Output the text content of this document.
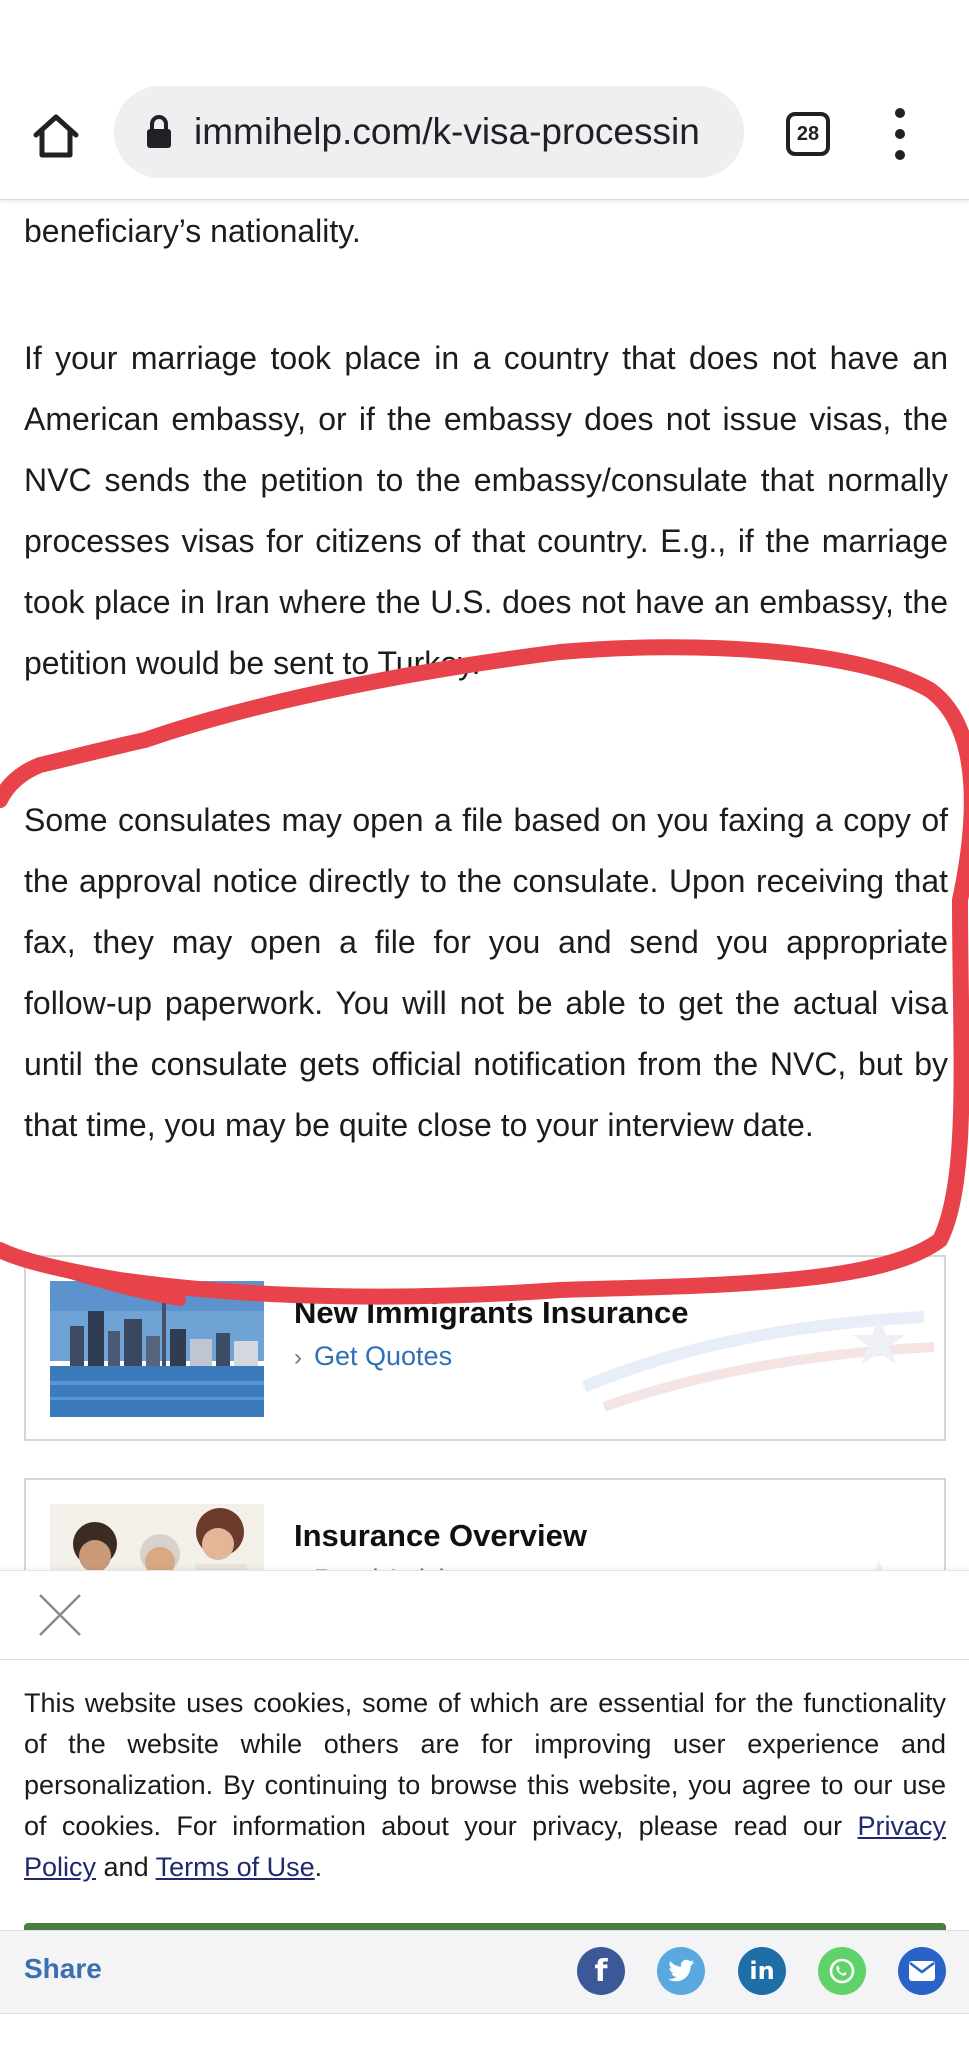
beneficiary’s nationality.
If your marriage took place in a country that does not have an American embassy, or if the embassy does not issue visas, the NVC sends the petition to the embassy/consulate that normally processes visas for citizens of that country. E.g., if the marriage took place in Iran where the U.S. does not have an embassy, the petition would be sent to Turkey.
Some consulates may open a file based on you faxing a copy of the approval notice directly to the consulate. Upon receiving that fax, they may open a file for you and send you appropriate follow-up paperwork. You will not be able to get the actual visa until the consulate gets official notification from the NVC, but by that time, you may be quite close to your interview date.
New Immigrants Insurance
› Get Quotes
Insurance Overview
This website uses cookies, some of which are essential for the functionality of the website while others are for improving user experience and personalization. By continuing to browse this website, you agree to our use of cookies. For information about your privacy, please read our Privacy Policy and Terms of Use.
Share	f	in
immihelp.com/k-visa-processin	28
